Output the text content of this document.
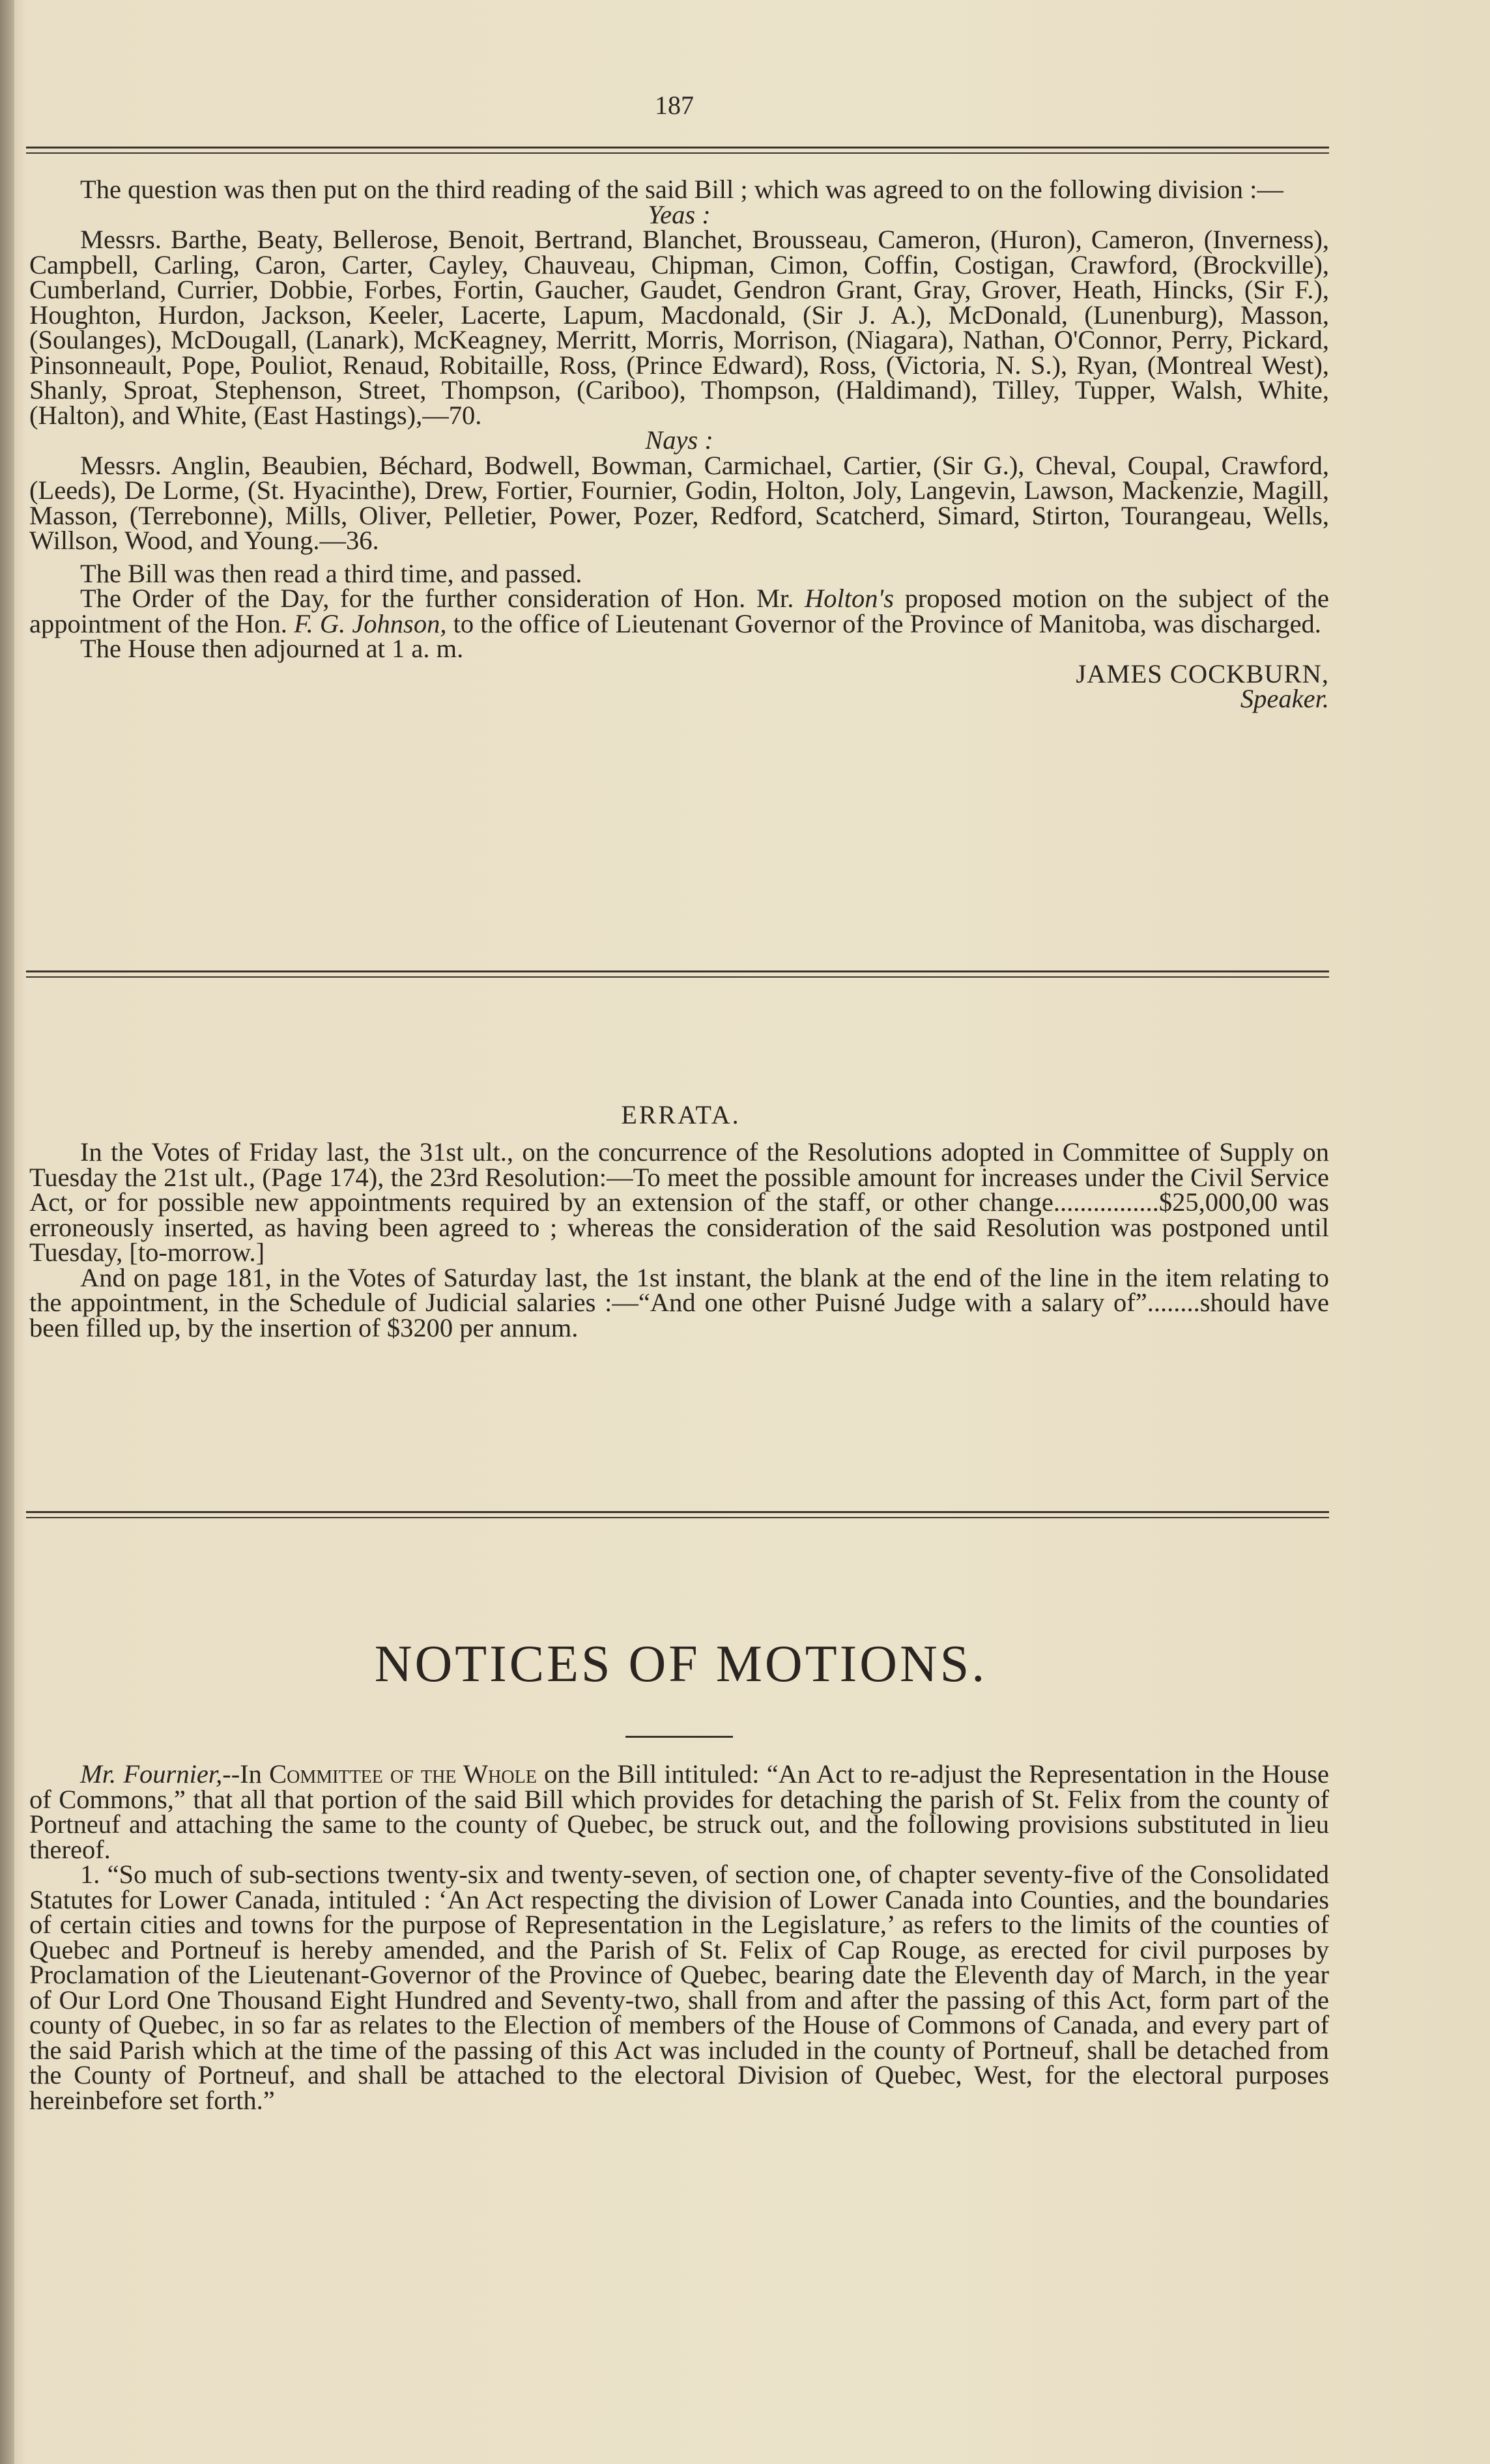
187

The question was then put on the third reading of the said Bill ; which was agreed to on the following division :—

Yeas :

Messrs. Barthe, Beaty, Bellerose, Benoit, Bertrand, Blanchet, Brousseau, Cameron, (Huron), Cameron, (Inverness), Campbell, Carling, Caron, Carter, Cayley, Chauveau, Chipman, Cimon, Coffin, Costigan, Crawford, (Brockville), Cumberland, Currier, Dobbie, Forbes, Fortin, Gaucher, Gaudet, Gendron Grant, Gray, Grover, Heath, Hincks, (Sir F.), Houghton, Hurdon, Jackson, Keeler, Lacerte, Lapum, Macdonald, (Sir J. A.), McDonald, (Lunenburg), Masson, (Soulanges), McDougall, (Lanark), McKeagney, Merritt, Morris, Morrison, (Niagara), Nathan, O'Connor, Perry, Pickard, Pinsonneault, Pope, Pouliot, Renaud, Robitaille, Ross, (Prince Edward), Ross, (Victoria, N. S.), Ryan, (Montreal West), Shanly, Sproat, Stephenson, Street, Thompson, (Cariboo), Thompson, (Haldimand), Tilley, Tupper, Walsh, White, (Halton), and White, (East Hastings),—70.

Nays :

Messrs. Anglin, Beaubien, Béchard, Bodwell, Bowman, Carmichael, Cartier, (Sir G.), Cheval, Coupal, Crawford, (Leeds), De Lorme, (St. Hyacinthe), Drew, Fortier, Fournier, Godin, Holton, Joly, Langevin, Lawson, Mackenzie, Magill, Masson, (Terrebonne), Mills, Oliver, Pelletier, Power, Pozer, Redford, Scatcherd, Simard, Stirton, Tourangeau, Wells, Willson, Wood, and Young.—36.

The Bill was then read a third time, and passed.

The Order of the Day, for the further consideration of Hon. Mr. Holton's proposed motion on the subject of the appointment of the Hon. F. G. Johnson, to the office of Lieutenant Governor of the Province of Manitoba, was discharged.

The House then adjourned at 1 a. m.

JAMES COCKBURN,

Speaker.

ERRATA.

In the Votes of Friday last, the 31st ult., on the concurrence of the Resolutions adopted in Committee of Supply on Tuesday the 21st ult., (Page 174), the 23rd Resolution:—To meet the possible amount for increases under the Civil Service Act, or for possible new appointments required by an extension of the staff, or other change................$25,000,00 was erroneously inserted, as having been agreed to ; whereas the consideration of the said Resolution was postponed until Tuesday, [to-morrow.]

And on page 181, in the Votes of Saturday last, the 1st instant, the blank at the end of the line in the item relating to the appointment, in the Schedule of Judicial salaries :—“And one other Puisné Judge with a salary of”........should have been filled up, by the insertion of $3200 per annum.

NOTICES OF MOTIONS.

Mr. Fournier,--In Committee of the Whole on the Bill intituled: “An Act to re-adjust the Representation in the House of Commons,” that all that portion of the said Bill which provides for detaching the parish of St. Felix from the county of Portneuf and attaching the same to the county of Quebec, be struck out, and the following provisions substituted in lieu thereof.

1. “So much of sub-sections twenty-six and twenty-seven, of section one, of chapter seventy-five of the Consolidated Statutes for Lower Canada, intituled : ‘An Act respecting the division of Lower Canada into Counties, and the boundaries of certain cities and towns for the purpose of Representation in the Legislature,’ as refers to the limits of the counties of Quebec and Portneuf is hereby amended, and the Parish of St. Felix of Cap Rouge, as erected for civil purposes by Proclamation of the Lieutenant-Governor of the Province of Quebec, bearing date the Eleventh day of March, in the year of Our Lord One Thousand Eight Hundred and Seventy-two, shall from and after the passing of this Act, form part of the county of Quebec, in so far as relates to the Election of members of the House of Commons of Canada, and every part of the said Parish which at the time of the passing of this Act was included in the county of Portneuf, shall be detached from the County of Portneuf, and shall be attached to the electoral Division of Quebec, West, for the electoral purposes hereinbefore set forth.”
